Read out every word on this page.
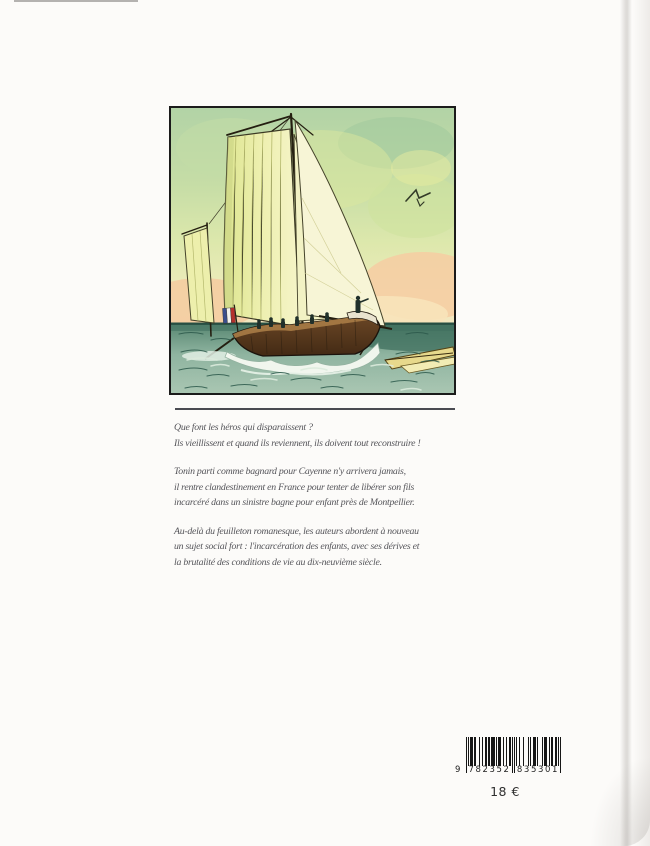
Que font les héros qui disparaissent ?
Ils vieillissent et quand ils reviennent, ils doivent tout reconstruire !

Tonin parti comme bagnard pour Cayenne n'y arrivera jamais,
il rentre clandestinement en France pour tenter de libérer son fils
incarcéré dans un sinistre bagne pour enfant près de Montpellier.

Au-delà du feuilleton romanesque, les auteurs abordent à nouveau
un sujet social fort : l'incarcération des enfants, avec ses dérives et
la brutalité des conditions de vie au dix-neuvième siècle.

9 782352 835301
18 €
